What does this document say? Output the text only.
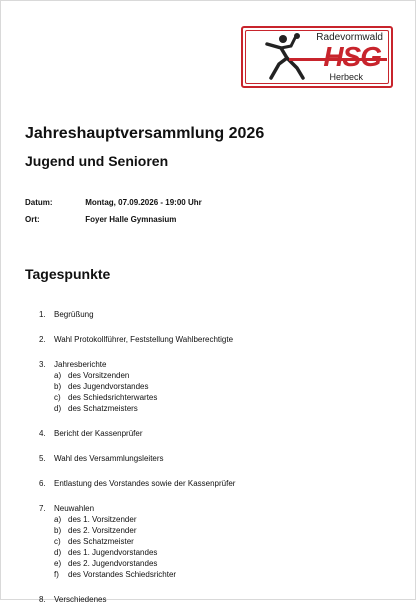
Radevormwald
HSG
Herbeck
Jahreshauptversammlung 2026
Jugend und Senioren
Datum:	Montag, 07.09.2026 - 19:00 Uhr
Ort:	Foyer Halle Gymnasium
Tagespunkte
1.	Begrüßung
2.	Wahl Protokollführer, Feststellung Wahlberechtigte
3.	Jahresberichte
a) des Vorsitzenden
b) des Jugendvorstandes
c) des Schiedsrichterwartes
d) des Schatzmeisters
4.	Bericht der Kassenprüfer
5.	Wahl des Versammlungsleiters
6.	Entlastung des Vorstandes sowie der Kassenprüfer
7.	Neuwahlen
a) des 1. Vorsitzender
b) des 2. Vorsitzender
c) des Schatzmeister
d) des 1. Jugendvorstandes
e) des 2. Jugendvorstandes
f)	des Vorstandes Schiedsrichter
8.	Verschiedenes
